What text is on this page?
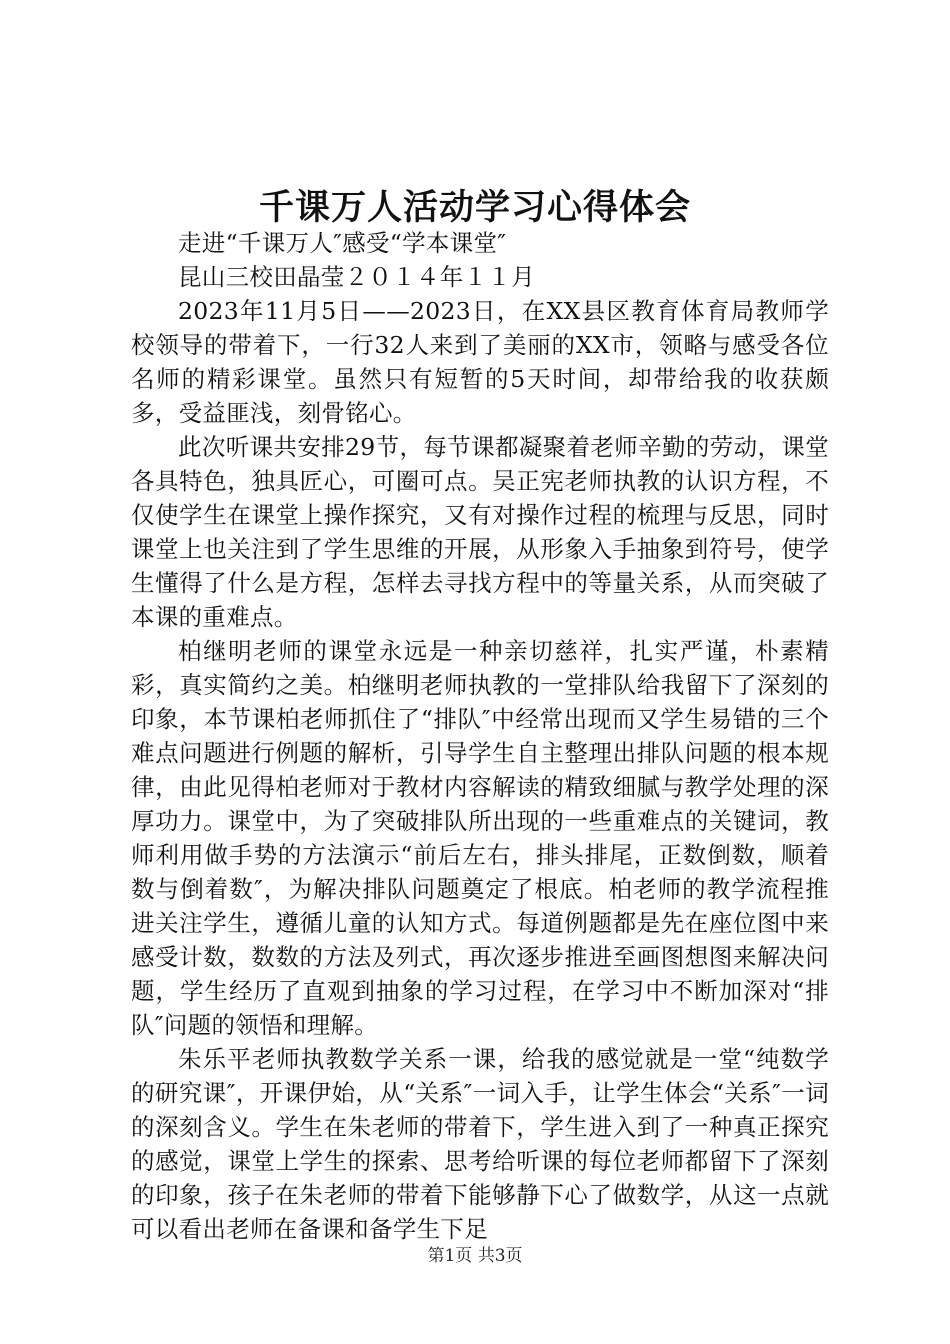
千课万人活动学习心得体会

走进“千课万人″感受“学本课堂″

昆山三校田晶莹２０１４年１１月

2023年11月5日——2023日，在XX县区教育体育局教师学校领导的带着下，一行32人来到了美丽的XX市，领略与感受各位名师的精彩课堂。虽然只有短暂的5天时间，却带给我的收获颇多，受益匪浅，刻骨铭心。

此次听课共安排29节，每节课都凝聚着老师辛勤的劳动，课堂各具特色，独具匠心，可圈可点。吴正宪老师执教的认识方程，不仅使学生在课堂上操作探究，又有对操作过程的梳理与反思，同时课堂上也关注到了学生思维的开展，从形象入手抽象到符号，使学生懂得了什么是方程，怎样去寻找方程中的等量关系，从而突破了本课的重难点。

柏继明老师的课堂永远是一种亲切慈祥，扎实严谨，朴素精彩，真实简约之美。柏继明老师执教的一堂排队给我留下了深刻的印象，本节课柏老师抓住了“排队″中经常出现而又学生易错的三个难点问题进行例题的解析，引导学生自主整理出排队问题的根本规律，由此见得柏老师对于教材内容解读的精致细腻与教学处理的深厚功力。课堂中，为了突破排队所出现的一些重难点的关键词，教师利用做手势的方法演示“前后左右，排头排尾，正数倒数，顺着数与倒着数″，为解决排队问题奠定了根底。柏老师的教学流程推进关注学生，遵循儿童的认知方式。每道例题都是先在座位图中来感受计数，数数的方法及列式，再次逐步推进至画图想图来解决问题，学生经历了直观到抽象的学习过程，在学习中不断加深对“排队″问题的领悟和理解。

朱乐平老师执教数学关系一课，给我的感觉就是一堂“纯数学的研究课″，开课伊始，从“关系″一词入手，让学生体会“关系″一词的深刻含义。学生在朱老师的带着下，学生进入到了一种真正探究的感觉，课堂上学生的探索、思考给听课的每位老师都留下了深刻的印象，孩子在朱老师的带着下能够静下心了做数学，从这一点就可以看出老师在备课和备学生下足

第1页 共3页
